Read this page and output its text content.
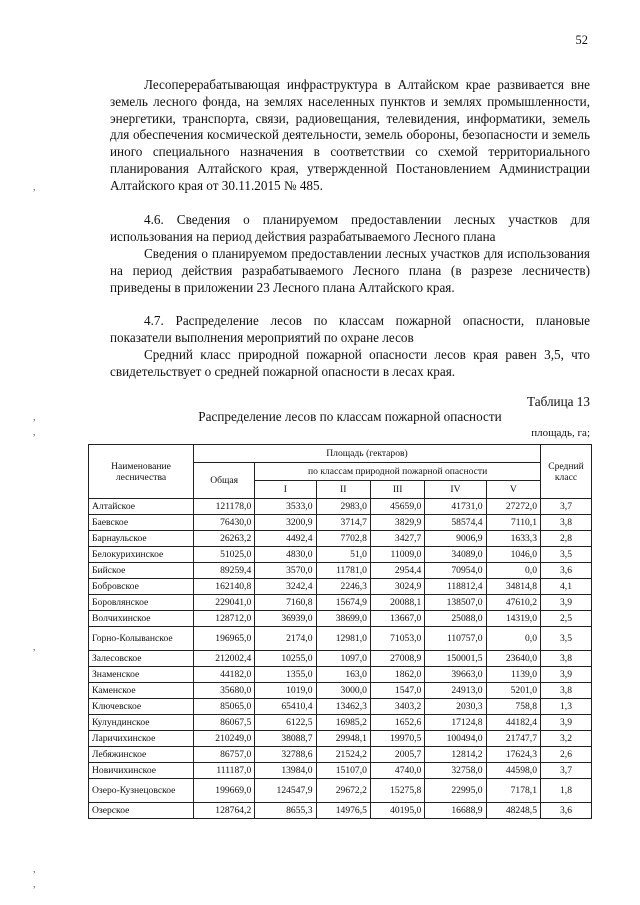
52

Лесоперерабатывающая инфраструктура в Алтайском крае развивается вне земель лесного фонда, на землях населенных пунктов и землях промышленности, энергетики, транспорта, связи, радиовещания, телевидения, информатики, земель для обеспечения космической деятельности, земель обороны, безопасности и земель иного специального назначения в соответствии со схемой территориального планирования Алтайского края, утвержденной Постановлением Администрации Алтайского края от 30.11.2015 № 485.

4.6. Сведения о планируемом предоставлении лесных участков для использования на период действия разрабатываемого Лесного плана

Сведения о планируемом предоставлении лесных участков для использования на период действия разрабатываемого Лесного плана (в разрезе лесничеств) приведены в приложении 23 Лесного плана Алтайского края.

4.7. Распределение лесов по классам пожарной опасности, плановые показатели выполнения мероприятий по охране лесов

Средний класс природной пожарной опасности лесов края равен 3,5, что свидетельствует о средней пожарной опасности в лесах края.

Таблица 13
Распределение лесов по классам пожарной опасности
площадь, га;
Наименование лесничества	Площадь (гектаров)						Средний класс
	Общая	по классам природной пожарной опасности					
		I	II	III	IV	V	
Алтайское	121178,0	3533,0	2983,0	45659,0	41731,0	27272,0	3,7
Баевское	76430,0	3200,9	3714,7	3829,9	58574,4	7110,1	3,8
Барнаульское	26263,2	4492,4	7702,8	3427,7	9006,9	1633,3	2,8
Белокурихинское	51025,0	4830,0	51,0	11009,0	34089,0	1046,0	3,5
Бийское	89259,4	3570,0	11781,0	2954,4	70954,0	0,0	3,6
Бобровское	162140,8	3242,4	2246,3	3024,9	118812,4	34814,8	4,1
Боровлянское	229041,0	7160,8	15674,9	20088,1	138507,0	47610,2	3,9
Волчихинское	128712,0	36939,0	38699,0	13667,0	25088,0	14319,0	2,5
Горно-Колыванское	196965,0	2174,0	12981,0	71053,0	110757,0	0,0	3,5
Залесовское	212002,4	10255,0	1097,0	27008,9	150001,5	23640,0	3,8
Знаменское	44182,0	1355,0	163,0	1862,0	39663,0	1139,0	3,9
Каменское	35680,0	1019,0	3000,0	1547,0	24913,0	5201,0	3,8
Ключевское	85065,0	65410,4	13462,3	3403,2	2030,3	758,8	1,3
Кулундинское	86067,5	6122,5	16985,2	1652,6	17124,8	44182,4	3,9
Ларичихинское	210249,0	38088,7	29948,1	19970,5	100494,0	21747,7	3,2
Лебяжинское	86757,0	32788,6	21524,2	2005,7	12814,2	17624,3	2,6
Новичихинское	111187,0	13984,0	15107,0	4740,0	32758,0	44598,0	3,7
Озеро-Кузнецовское	199669,0	124547,9	29672,2	15275,8	22995,0	7178,1	1,8
Озерское	128764,2	8655,3	14976,5	40195,0	16688,9	48248,5	3,6
,
,
,
,
,
,
